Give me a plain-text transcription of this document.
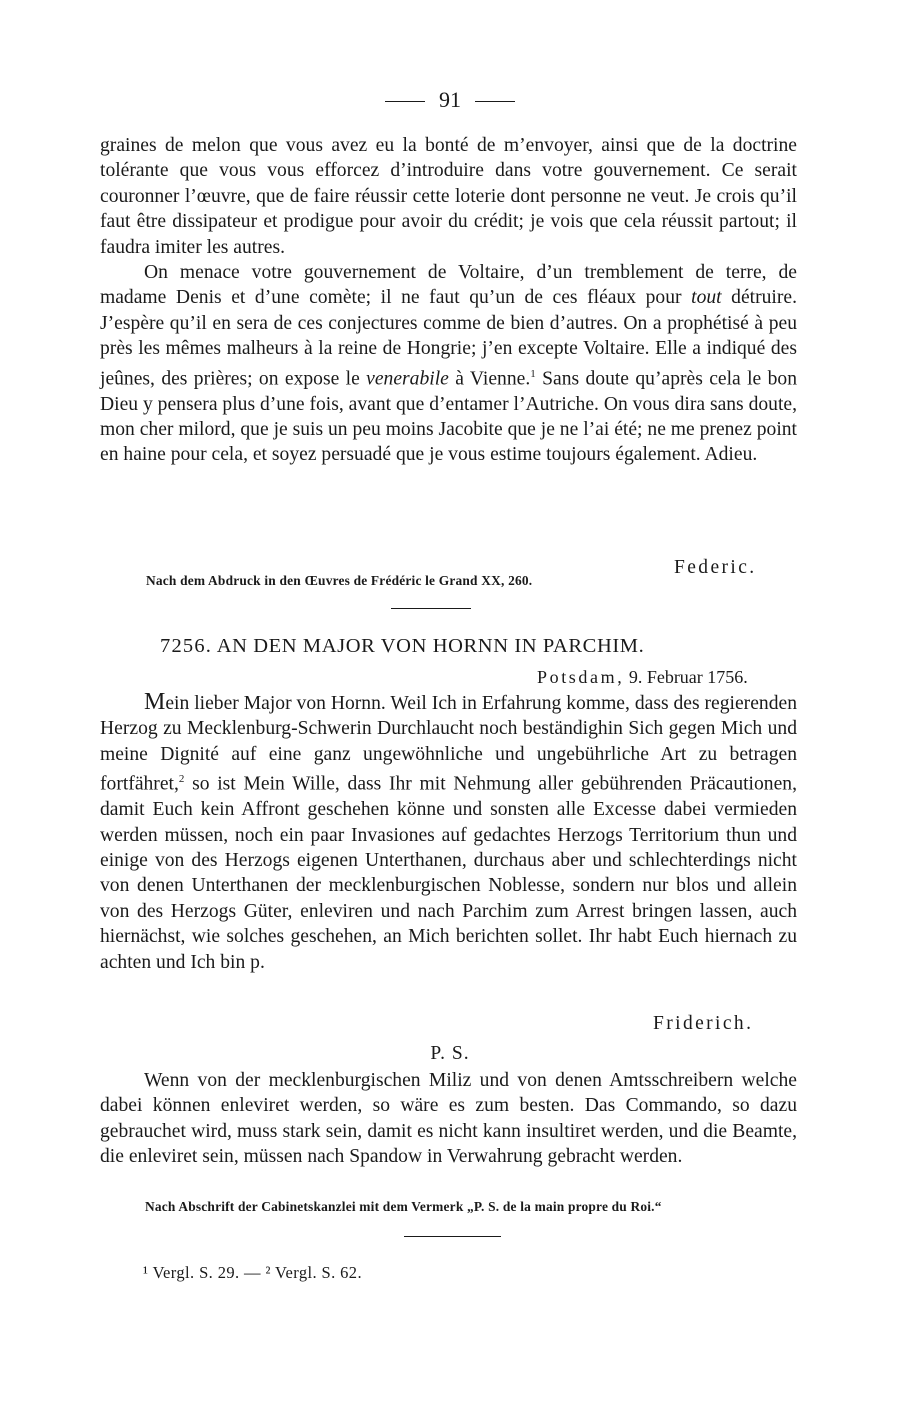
91

graines de melon que vous avez eu la bonté de m’envoyer, ainsi que de la doctrine tolérante que vous vous efforcez d’introduire dans votre gouvernement. Ce serait couronner l’œuvre, que de faire réussir cette loterie dont personne ne veut. Je crois qu’il faut être dissipateur et prodigue pour avoir du crédit; je vois que cela réussit partout; il faudra imiter les autres.

On menace votre gouvernement de Voltaire, d’un tremblement de terre, de madame Denis et d’une comète; il ne faut qu’un de ces fléaux pour tout détruire. J’espère qu’il en sera de ces conjectures comme de bien d’autres. On a prophétisé à peu près les mêmes malheurs à la reine de Hongrie; j’en excepte Voltaire. Elle a indiqué des jeûnes, des prières; on expose le venerabile à Vienne.$^1$ Sans doute qu’après cela le bon Dieu y pensera plus d’une fois, avant que d’entamer l’Autriche. On vous dira sans doute, mon cher milord, que je suis un peu moins Jacobite que je ne l’ai été; ne me prenez point en haine pour cela, et soyez persuadé que je vous estime toujours également. Adieu.

Federic.
Nach dem Abdruck in den Œuvres de Frédéric le Grand XX, 260.
7256. AN DEN MAJOR VON HORNN IN PARCHIM.
Potsdam, 9. Februar 1756.

Mein lieber Major von Hornn. Weil Ich in Erfahrung komme, dass des regierenden Herzog zu Mecklenburg-Schwerin Durchlaucht noch beständighin Sich gegen Mich und meine Dignité auf eine ganz ungewöhnliche und ungebührliche Art zu betragen fortfähret,$^2$ so ist Mein Wille, dass Ihr mit Nehmung aller gebührenden Präcautionen, damit Euch kein Affront geschehen könne und sonsten alle Excesse dabei vermieden werden müssen, noch ein paar Invasiones auf gedachtes Herzogs Territorium thun und einige von des Herzogs eigenen Unterthanen, durchaus aber und schlechterdings nicht von denen Unterthanen der mecklenburgischen Noblesse, sondern nur blos und allein von des Herzogs Güter, enleviren und nach Parchim zum Arrest bringen lassen, auch hiernächst, wie solches geschehen, an Mich berichten sollet. Ihr habt Euch hiernach zu achten und Ich bin p.

Friderich.
P. S.

Wenn von der mecklenburgischen Miliz und von denen Amtsschreibern welche dabei können enleviret werden, so wäre es zum besten. Das Commando, so dazu gebrauchet wird, muss stark sein, damit es nicht kann insultiret werden, und die Beamte, die enleviret sein, müssen nach Spandow in Verwahrung gebracht werden.

Nach Abschrift der Cabinetskanzlei mit dem Vermerk „P. S. de la main propre du Roi.“
¹ Vergl. S. 29. — ² Vergl. S. 62.
